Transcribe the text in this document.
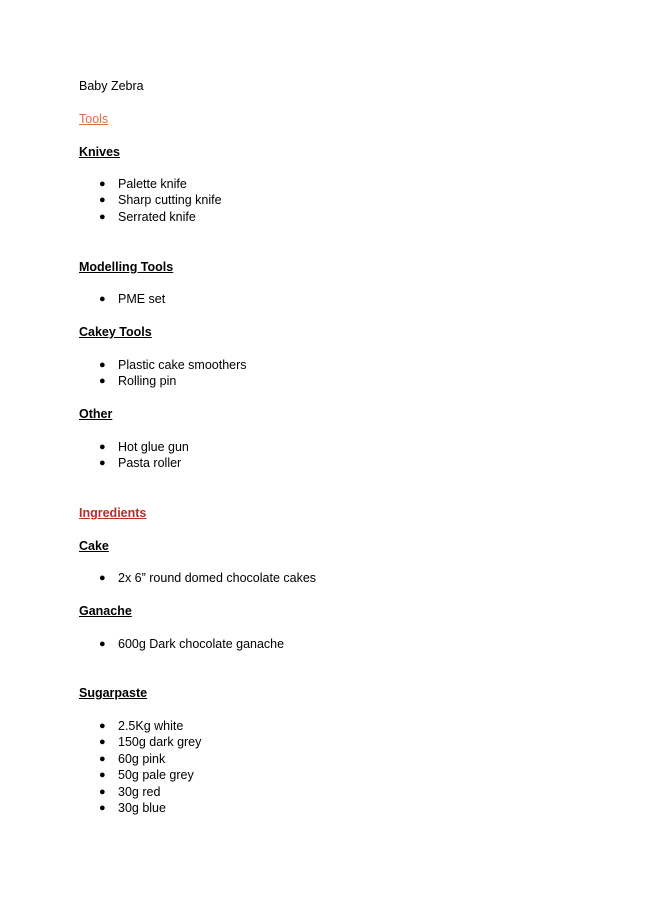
Baby Zebra
Tools
Knives
● Palette knife
● Sharp cutting knife
● Serrated knife
Modelling Tools
● PME set
Cakey Tools
● Plastic cake smoothers
● Rolling pin
Other
● Hot glue gun
● Pasta roller
Ingredients
Cake
● 2x 6” round domed chocolate cakes
Ganache
● 600g Dark chocolate ganache
Sugarpaste
● 2.5Kg white
● 150g dark grey
● 60g pink
● 50g pale grey
● 30g red
● 30g blue
